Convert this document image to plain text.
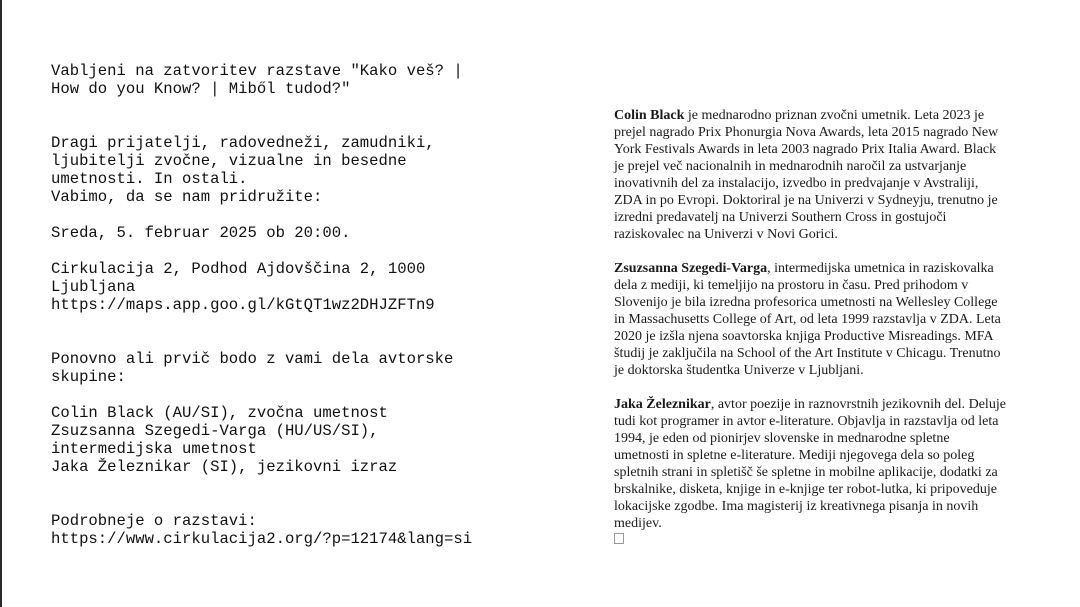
Vabljeni na zatvoritev razstave "Kako veš? |

How do you Know? | Miből tudod?"

Dragi prijatelji, radovedneži, zamudniki,

ljubitelji zvočne, vizualne in besedne

umetnosti. In ostali.

Vabimo, da se nam pridružite:

Sreda, 5. februar 2025 ob 20:00.

Cirkulacija 2, Podhod Ajdovščina 2, 1000

Ljubljana

https://maps.app.goo.gl/kGtQT1wz2DHJZFTn9

Ponovno ali prvič bodo z vami dela avtorske

skupine:

Colin Black (AU/SI), zvočna umetnost

Zsuzsanna Szegedi-Varga (HU/US/SI),

intermedijska umetnost

Jaka Železnikar (SI), jezikovni izraz

Podrobneje o razstavi:

https://www.cirkulacija2.org/?p=12174&lang=si

Colin Black je mednarodno priznan zvočni umetnik. Leta 2023 je prejel nagrado Prix Phonurgia Nova Awards, leta 2015 nagrado New York Festivals Awards in leta 2003 nagrado Prix Italia Award. Black je prejel več nacionalnih in mednarodnih naročil za ustvarjanje inovativnih del za instalacijo, izvedbo in predvajanje v Avstraliji, ZDA in po Evropi. Doktoriral je na Univerzi v Sydneyju, trenutno je izredni predavatelj na Univerzi Southern Cross in gostujoči raziskovalec na Univerzi v Novi Gorici.

Zsuzsanna Szegedi-Varga, intermedijska umetnica in raziskovalka dela z mediji, ki temeljijo na prostoru in času. Pred prihodom v Slovenijo je bila izredna profesorica umetnosti na Wellesley College in Massachusetts College of Art, od leta 1999 razstavlja v ZDA. Leta 2020 je izšla njena soavtorska knjiga Productive Misreadings. MFA študij je zaključila na School of the Art Institute v Chicagu. Trenutno je doktorska študentka Univerze v Ljubljani.

Jaka Železnikar, avtor poezije in raznovrstnih jezikovnih del. Deluje tudi kot programer in avtor e-literature. Objavlja in razstavlja od leta 1994, je eden od pionirjev slovenske in mednarodne spletne umetnosti in spletne e-literature. Mediji njegovega dela so poleg spletnih strani in spletišč še spletne in mobilne aplikacije, dodatki za brskalnike, disketa, knjige in e-knjige ter robot-lutka, ki pripoveduje lokacijske zgodbe. Ima magisterij iz kreativnega pisanja in novih medijev.
